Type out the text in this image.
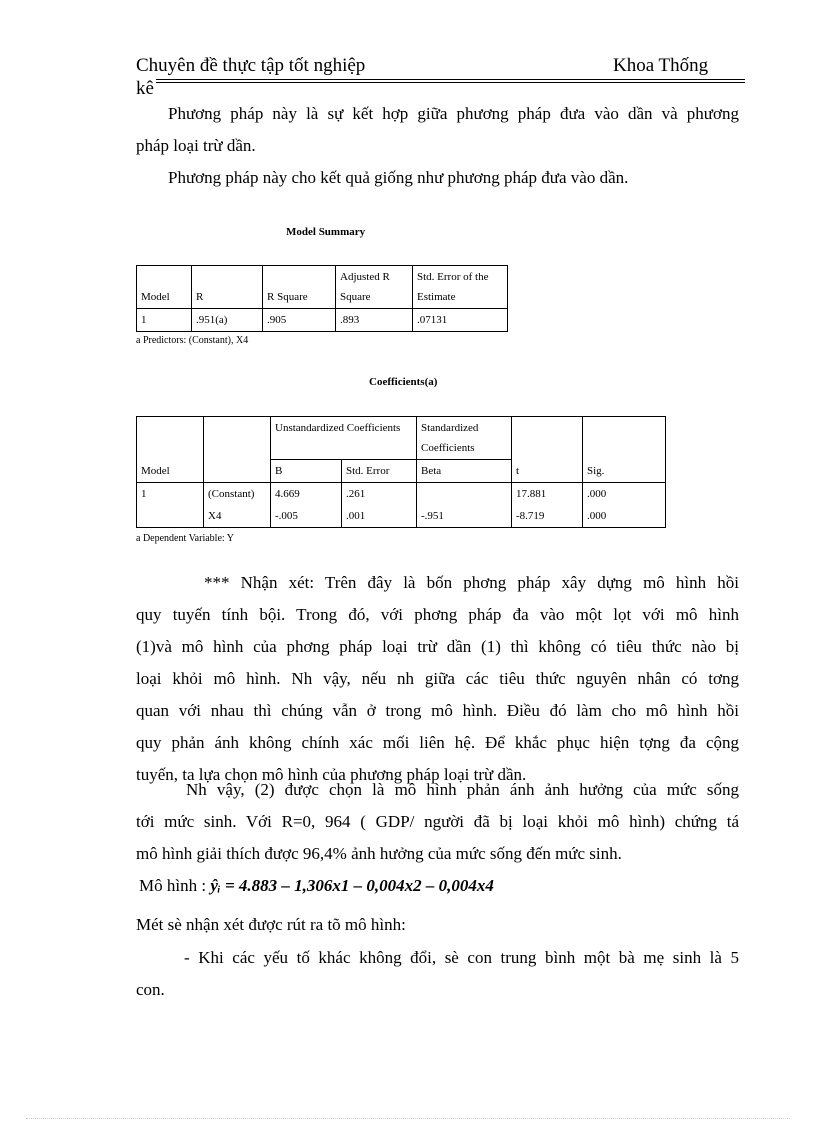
Chuyên đề thực tập tốt nghiệp	Khoa Thống
kê
Phương pháp này là sự kết hợp giữa phương pháp đưa vào dần và phương
pháp loại trừ dần.
Phương pháp này cho kết quả giống như phương pháp đưa vào dần.
Model Summary
Model	R	R Square	Adjusted R Square	Std. Error of the Estimate
1	.951(a)	.905	.893	.07131
a Predictors: (Constant), X4
Coefficients(a)
Model		Unstandardized Coefficients		Standardized Coefficients	t	Sig.
		B	Std. Error	Beta		
1	(Constant)	4.669	.261		17.881	.000
	X4	-.005	.001	-.951	-8.719	.000
a Dependent Variable: Y
*** Nhận xét: Trên đây là bốn phơng pháp xây dựng mô hình hồi
quy tuyến tính bội. Trong đó, với phơng pháp đa vào một lọt với mô hình
(1)và mô hình của phơng pháp loại trừ dần (1) thì không có tiêu thức nào bị
loại khỏi mô hình. Nh vậy, nếu nh giữa các tiêu thức nguyên nhân có tơng
quan với nhau thì chúng vẫn ở trong mô hình. Điều đó làm cho mô hình hồi
quy phản ánh không chính xác mối liên hệ. Để khắc phục hiện tợng đa cộng
tuyến, ta lựa chọn mô hình của phương pháp loại trừ dần.
Nh vậy, (2) được chọn là mô hình phản ánh ảnh hưởng của mức sống
tới mức sinh. Với R=0, 964 ( GDP/ người đã bị loại khỏi mô hình) chứng tá
mô hình giải thích được 96,4% ảnh hưởng của mức sống đến mức sinh.
Mô hình : ŷᵢ = 4.883 – 1,306x1 – 0,004x2 – 0,004x4
Mét sè nhận xét được rút ra tõ mô hình:
- Khi các yếu tố khác không đổi, sè con trung bình một bà mẹ sinh là 5
con.
